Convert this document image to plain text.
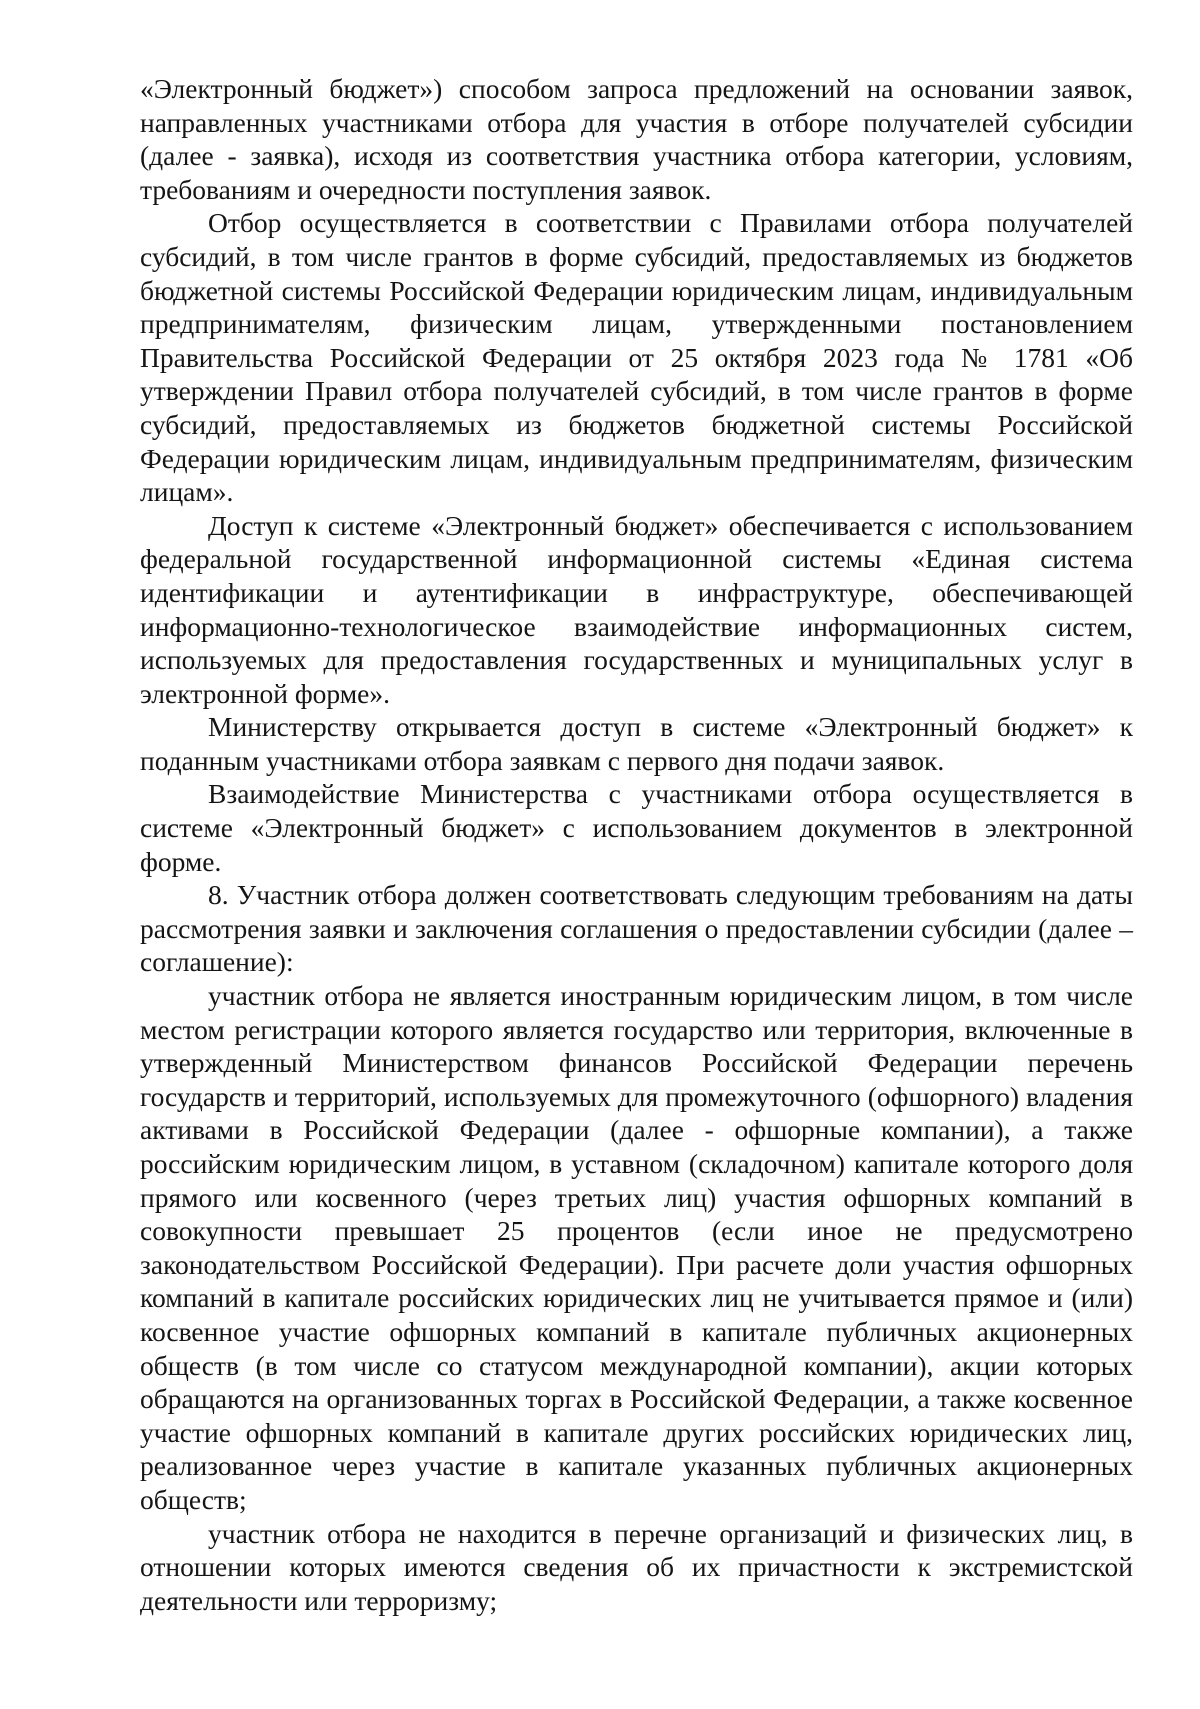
«Электронный бюджет») способом запроса предложений на основании заявок, направленных участниками отбора для участия в отборе получателей субсидии (далее - заявка), исходя из соответствия участника отбора категории, условиям, требованиям и очередности поступления заявок.

Отбор осуществляется в соответствии с Правилами отбора получателей субсидий, в том числе грантов в форме субсидий, предоставляемых из бюджетов бюджетной системы Российской Федерации юридическим лицам, индивидуальным предпринимателям, физическим лицам, утвержденными постановлением Правительства Российской Федерации от 25 октября 2023 года № 1781 «Об утверждении Правил отбора получателей субсидий, в том числе грантов в форме субсидий, предоставляемых из бюджетов бюджетной системы Российской Федерации юридическим лицам, индивидуальным предпринимателям, физическим лицам».

Доступ к системе «Электронный бюджет» обеспечивается с использованием федеральной государственной информационной системы «Единая система идентификации и аутентификации в инфраструктуре, обеспечивающей информационно-технологическое взаимодействие информационных систем, используемых для предоставления государственных и муниципальных услуг в электронной форме».

Министерству открывается доступ в системе «Электронный бюджет» к поданным участниками отбора заявкам с первого дня подачи заявок.

Взаимодействие Министерства с участниками отбора осуществляется в системе «Электронный бюджет» с использованием документов в электронной форме.

8. Участник отбора должен соответствовать следующим требованиям на даты рассмотрения заявки и заключения соглашения о предоставлении субсидии (далее – соглашение):

участник отбора не является иностранным юридическим лицом, в том числе местом регистрации которого является государство или территория, включенные в утвержденный Министерством финансов Российской Федерации перечень государств и территорий, используемых для промежуточного (офшорного) владения активами в Российской Федерации (далее - офшорные компании), а также российским юридическим лицом, в уставном (складочном) капитале которого доля прямого или косвенного (через третьих лиц) участия офшорных компаний в совокупности превышает 25 процентов (если иное не предусмотрено законодательством Российской Федерации). При расчете доли участия офшорных компаний в капитале российских юридических лиц не учитывается прямое и (или) косвенное участие офшорных компаний в капитале публичных акционерных обществ (в том числе со статусом международной компании), акции которых обращаются на организованных торгах в Российской Федерации, а также косвенное участие офшорных компаний в капитале других российских юридических лиц, реализованное через участие в капитале указанных публичных акционерных обществ;

участник отбора не находится в перечне организаций и физических лиц, в отношении которых имеются сведения об их причастности к экстремистской деятельности или терроризму;
